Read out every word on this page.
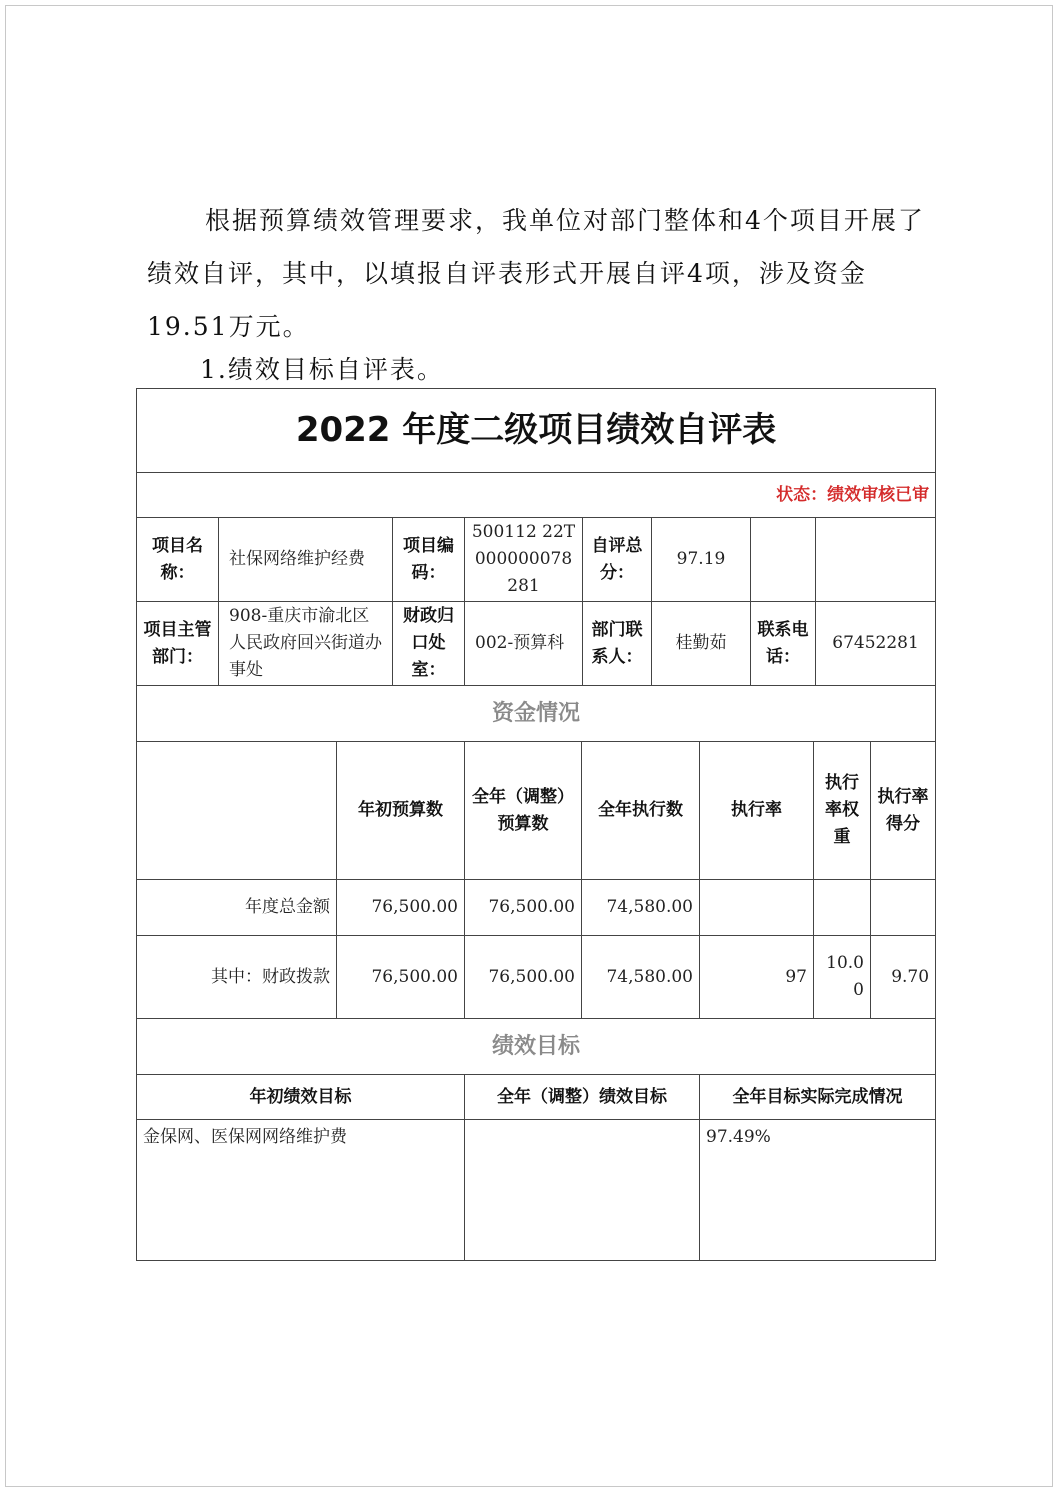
根据预算绩效管理要求，我单位对部门整体和4个项目开展了绩效自评，其中，以填报自评表形式开展自评4项，涉及资金19.51万元。
1.绩效目标自评表。
2022 年度二级项目绩效自评表							
状态：绩效审核已审							
项目名称：	社保网络维护经费	项目编码：	500112 22T000000078281	自评总分：	97.19		
项目主管部门：	908-重庆市渝北区人民政府回兴街道办事处	财政归口处室：	002-预算科	部门联系人：	桂勤茹	联系电话：	67452281
资金情况						
	年初预算数	全年（调整）预算数	全年执行数	执行率	执行率权重	执行率得分
年度总金额	76,500.00	76,500.00	74,580.00			
其中：财政拨款	76,500.00	76,500.00	74,580.00	97	10.00	9.70
绩效目标		
年初绩效目标	全年（调整）绩效目标	全年目标实际完成情况
金保网、医保网网络维护费		97.49%
